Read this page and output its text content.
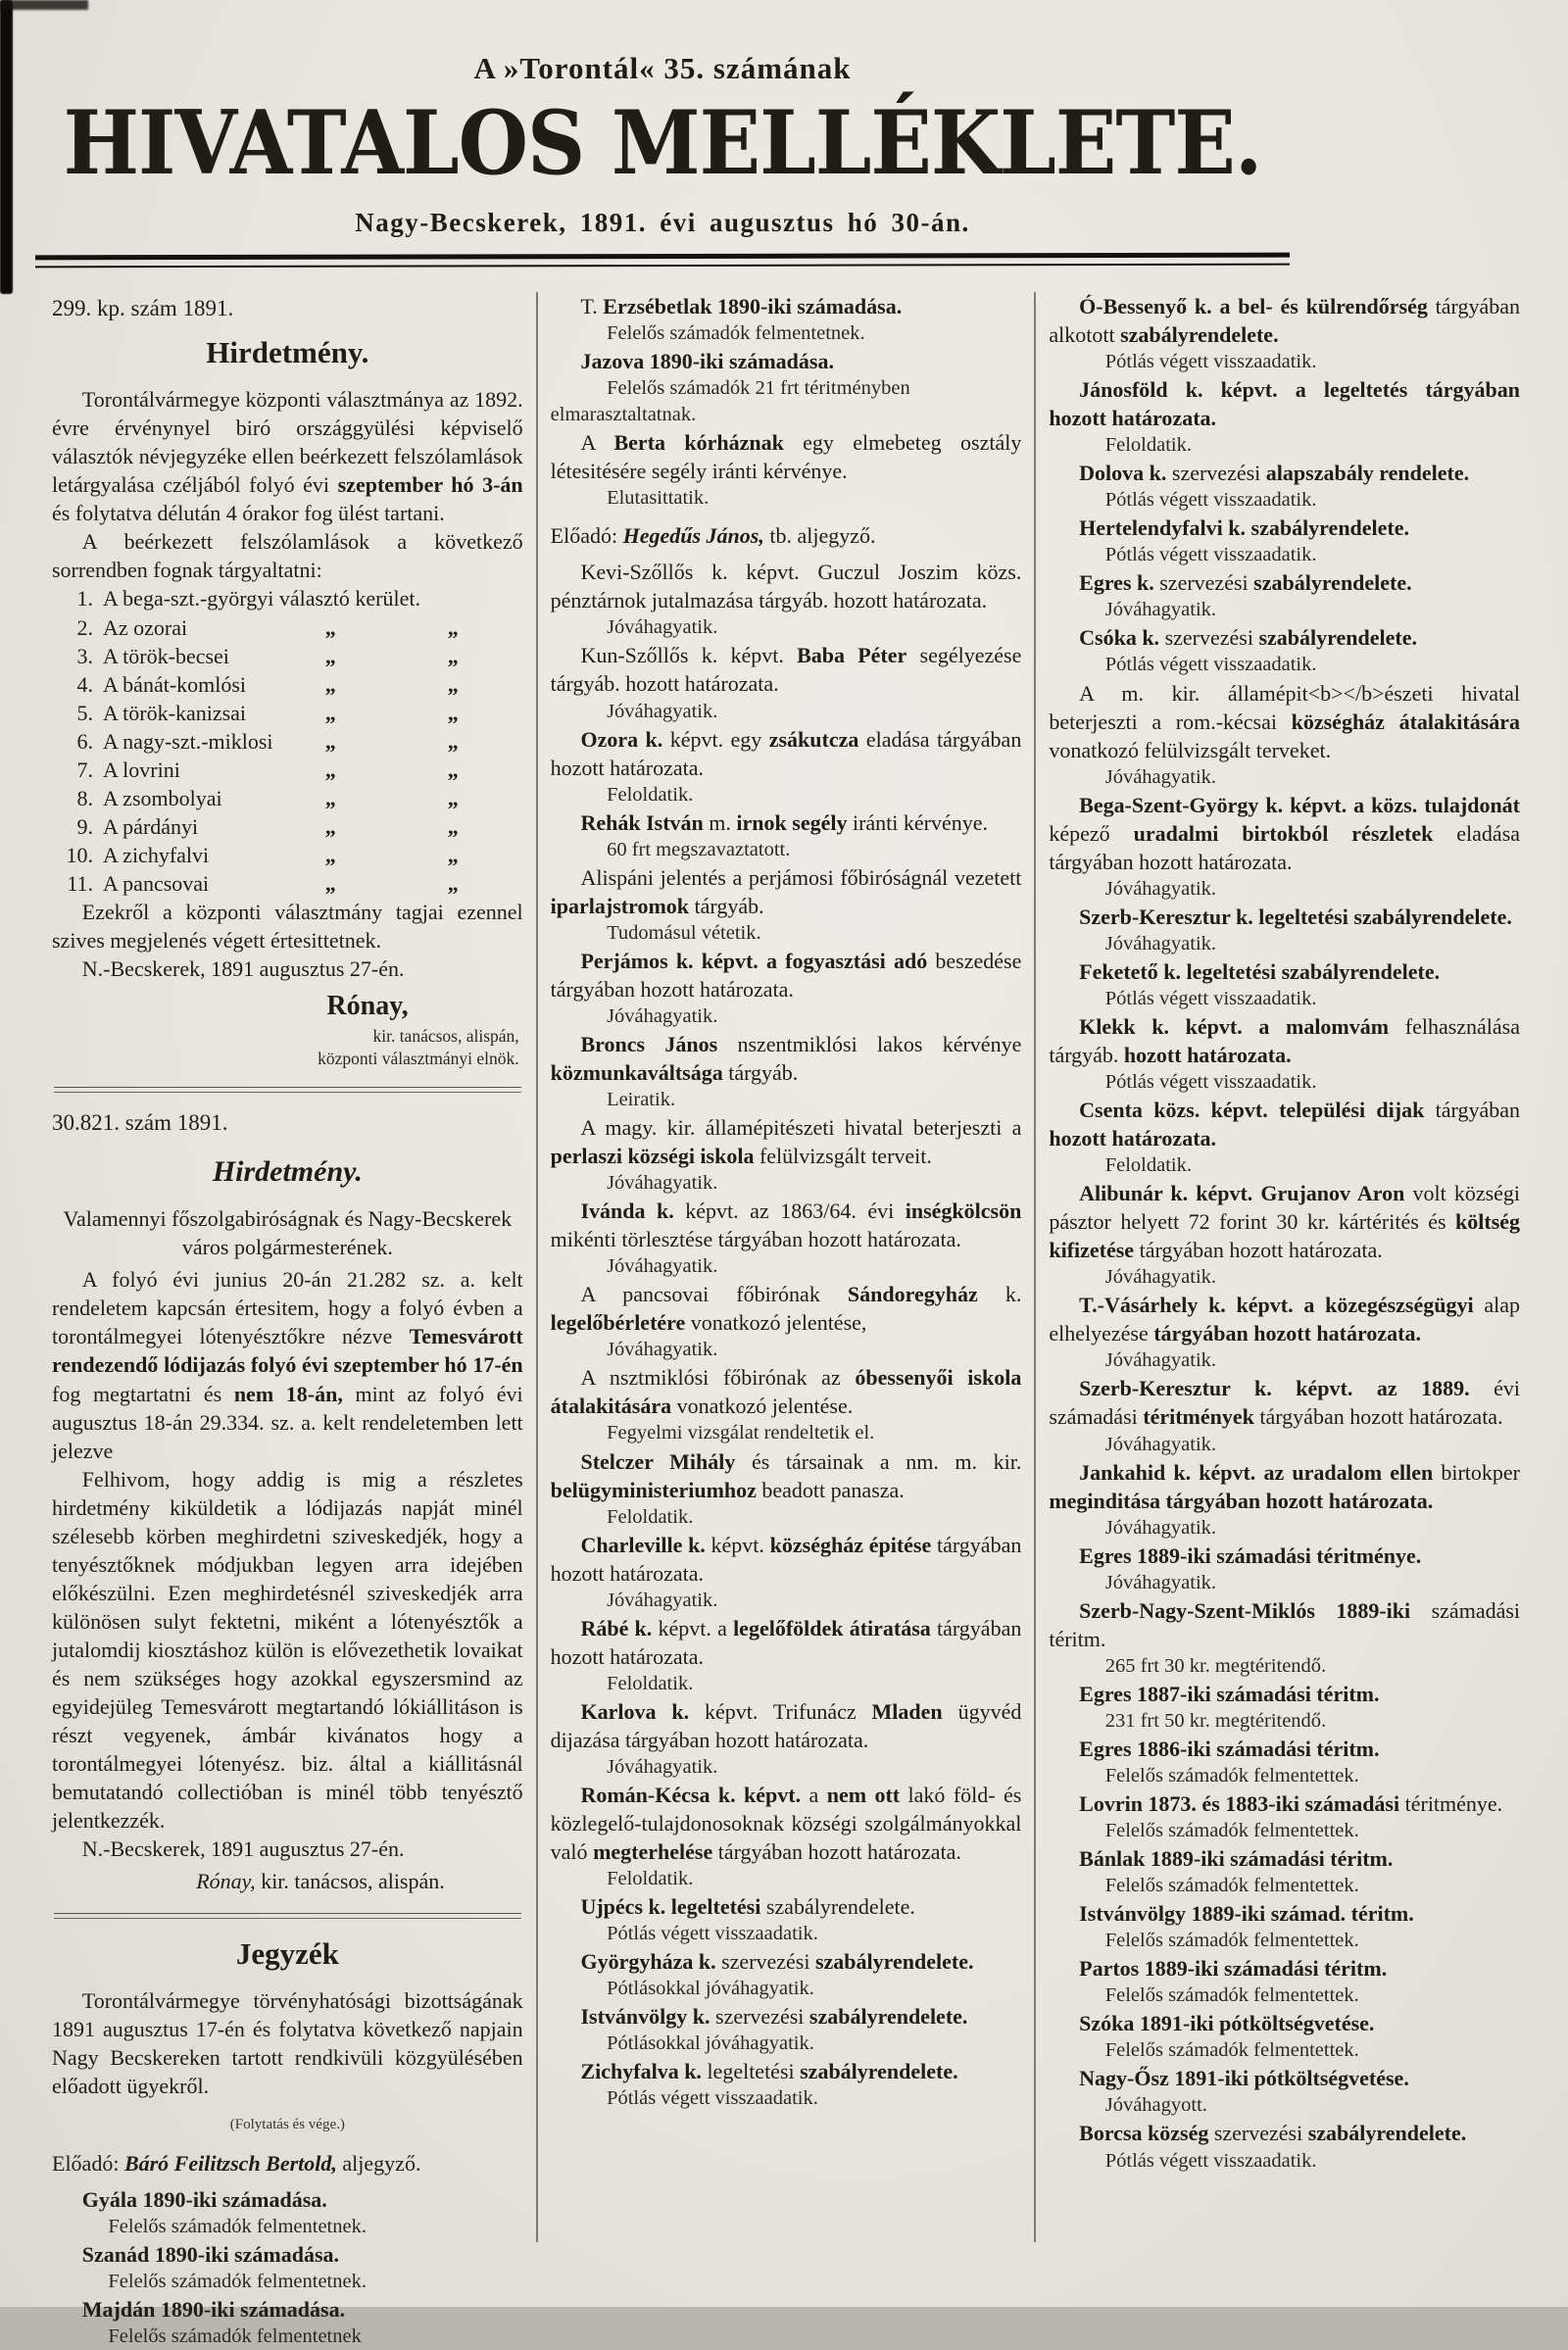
A »Torontál« 35. számának
HIVATALOS MELLÉKLETE.
Nagy-Becskerek, 1891. évi augusztus hó 30-án.
299. kp. szám 1891.
Hirdetmény.

Torontálvármegye központi választmánya az 1892. évre érvénynyel biró országgyülési képviselő választók névjegyzéke ellen beérkezett felszólamlások letárgyalása czéljából folyó évi szeptember hó 3-án és folytatva délután 4 órakor fog ülést tartani.

A beérkezett felszólamlások a következő sorrendben fognak tárgyaltatni:

1. A bega-szt.-györgyi választó kerület.
2. Az ozorai	„	„
3. A török-becsei	„	„
4. A bánát-komlósi	„	„
5. A török-kanizsai	„	„
6. A nagy-szt.-miklosi „	„
7. A lovrini	„	„
8. A zsombolyai	„	„
9. A párdányi	„	„
10. A zichyfalvi	„	„
11. A pancsovai	„	„

Ezekről a központi választmány tagjai ezennel szives megjelenés végett értesittetnek.

N.-Becskerek, 1891 augusztus 27-én.

Rónay,
kir. tanácsos, alispán,
központi választmányi elnök.
30.821. szám 1891.
Hirdetmény.

Valamennyi főszolgabiróságnak és Nagy-Becskerek város polgármesterének.

A folyó évi junius 20-án 21.282 sz. a. kelt rendeletem kapcsán értesitem, hogy a folyó évben a torontálmegyei lótenyésztőkre nézve Temesvárott rendezendő lódijazás folyó évi szeptember hó 17-én fog megtartatni és nem 18-án, mint az folyó évi augusztus 18-án 29.334. sz. a. kelt rendeletemben lett jelezve

Felhivom, hogy addig is mig a részletes hirdetmény kiküldetik a lódijazás napját minél szélesebb körben meghirdetni sziveskedjék, hogy a tenyésztőknek módjukban legyen arra idejében előkészülni. Ezen meghirdetésnél sziveskedjék arra különösen sulyt fektetni, miként a lótenyésztők a jutalomdij kiosztáshoz külön is elővezethetik lovaikat és nem szükséges hogy azokkal egyszersmind az egyidejüleg Temesvárott megtartandó lókiállitáson is részt vegyenek, ámbár kivánatos hogy a torontálmegyei lótenyész. biz. által a kiállitásnál bemutatandó collectióban is minél több tenyésztő jelentkezzék.

N.-Becskerek, 1891 augusztus 27-én.

Rónay, kir. tanácsos, alispán.
Jegyzék

Torontálvármegye törvényhatósági bizottságának 1891 augusztus 17-én és folytatva következő napjain Nagy Becskereken tartott rendkivüli közgyülésében előadott ügyekről.

(Folytatás és vége.)

Előadó: Báró Feilitzsch Bertold, aljegyző.

Gyála 1890-iki számadása.

Felelős számadók felmentetnek.

Szanád 1890-iki számadása.

Felelős számadók felmentetnek.

Majdán 1890-iki számadása.

Felelős számadók felmentetnek

T. Erzsébetlak 1890-iki számadása.

Felelős számadók felmentetnek.

Jazova 1890-iki számadása.

Felelős számadók 21 frt téritményben elmarasztaltatnak.

A Berta kórháznak egy elmebeteg osztály létesitésére segély iránti kérvénye.

Elutasittatik.

Előadó: Hegedűs János, tb. aljegyző.

Kevi-Szőllős k. képvt. Guczul Joszim közs. pénztárnok jutalmazása tárgyáb. hozott határozata.

Jóváhagyatik.

Kun-Szőllős k. képvt. Baba Péter segélyezése tárgyáb. hozott határozata.

Jóváhagyatik.

Ozora k. képvt. egy zsákutcza eladása tárgyában hozott határozata.

Feloldatik.

Rehák István m. irnok segély iránti kérvénye.

60 frt megszavaztatott.

Alispáni jelentés a perjámosi főbiróságnál vezetett iparlajstromok tárgyáb.

Tudomásul vétetik.

Perjámos k. képvt. a fogyasztási adó beszedése tárgyában hozott határozata.

Jóváhagyatik.

Broncs János nszentmiklósi lakos kérvénye közmunkaváltsága tárgyáb.

Leiratik.

A magy. kir. államépitészeti hivatal beterjeszti a perlaszi községi iskola felülvizsgált terveit.

Jóváhagyatik.

Ivánda k. képvt. az 1863/64. évi inségkölcsön mikénti törlesztése tárgyában hozott határozata.

Jóváhagyatik.

A pancsovai főbirónak Sándoregyház k. legelőbérletére vonatkozó jelentése,

Jóváhagyatik.

A nsztmiklósi főbirónak az óbessenyői iskola átalakitására vonatkozó jelentése.

Fegyelmi vizsgálat rendeltetik el.

Stelczer Mihály és társainak a nm. m. kir. belügyministeriumhoz beadott panasza.

Feloldatik.

Charleville k. képvt. községház épitése tárgyában hozott határozata.

Jóváhagyatik.

Rábé k. képvt. a legelőföldek átiratása tárgyában hozott határozata.

Feloldatik.

Karlova k. képvt. Trifunácz Mladen ügyvéd dijazása tárgyában hozott határozata.

Jóváhagyatik.

Román-Kécsa k. képvt. a nem ott lakó föld- és közlegelő-tulajdonosoknak községi szolgálmányokkal való megterhelése tárgyában hozott határozata.

Feloldatik.

Ujpécs k. legeltetési szabályrendelete.

Pótlás végett visszaadatik.

Györgyháza k. szervezési szabályrendelete.

Pótlásokkal jóváhagyatik.

Istvánvölgy k. szervezési szabályrendelete.

Pótlásokkal jóváhagyatik.

Zichyfalva k. legeltetési szabályrendelete.

Pótlás végett visszaadatik.

Ó-Bessenyő k. a bel- és külrendőrség tárgyában alkotott szabályrendelete.

Pótlás végett visszaadatik.

Jánosföld k. képvt. a legeltetés tárgyában hozott határozata.

Feloldatik.

Dolova k. szervezési alapszabály rendelete.

Pótlás végett visszaadatik.

Hertelendyfalvi k. szabályrendelete.

Pótlás végett visszaadatik.

Egres k. szervezési szabályrendelete.

Jóváhagyatik.

Csóka k. szervezési szabályrendelete.

Pótlás végett visszaadatik.

A m. kir. államépit<b></b>észeti hivatal beterjeszti a rom.-kécsai községház átalakitására vonatkozó felülvizsgált terveket.

Jóváhagyatik.

Bega-Szent-György k. képvt. a közs. tulajdonát képező uradalmi birtokból részletek eladása tárgyában hozott határozata.

Jóváhagyatik.

Szerb-Keresztur k. legeltetési szabályrendelete.

Jóváhagyatik.

Feketető k. legeltetési szabályrendelete.

Pótlás végett visszaadatik.

Klekk k. képvt. a malomvám felhasználása tárgyáb. hozott határozata.

Pótlás végett visszaadatik.

Csenta közs. képvt. települési dijak tárgyában hozott határozata.

Feloldatik.

Alibunár k. képvt. Grujanov Aron volt községi pásztor helyett 72 forint 30 kr. kártérités és költség kifizetése tárgyában hozott határozata.

Jóváhagyatik.

T.-Vásárhely k. képvt. a közegészségügyi alap elhelyezése tárgyában hozott határozata.

Jóváhagyatik.

Szerb-Keresztur k. képvt. az 1889. évi számadási téritmények tárgyában hozott határozata.

Jóváhagyatik.

Jankahid k. képvt. az uradalom ellen birtokper meginditása tárgyában hozott határozata.

Jóváhagyatik.

Egres 1889-iki számadási téritménye.

Jóváhagyatik.

Szerb-Nagy-Szent-Miklós 1889-iki számadási téritm.

265 frt 30 kr. megtéritendő.

Egres 1887-iki számadási téritm.

231 frt 50 kr. megtéritendő.

Egres 1886-iki számadási téritm.

Felelős számadók felmentettek.

Lovrin 1873. és 1883-iki számadási téritménye.

Felelős számadók felmentettek.

Bánlak 1889-iki számadási téritm.

Felelős számadók felmentettek.

Istvánvölgy 1889-iki számad. téritm.

Felelős számadók felmentettek.

Partos 1889-iki számadási téritm.

Felelős számadók felmentettek.

Szóka 1891-iki pótköltségvetése.

Felelős számadók felmentettek.

Nagy-Ősz 1891-iki pótköltségvetése.

Jóváhagyott.

Borcsa község szervezési szabályrendelete.

Pótlás végett visszaadatik.
